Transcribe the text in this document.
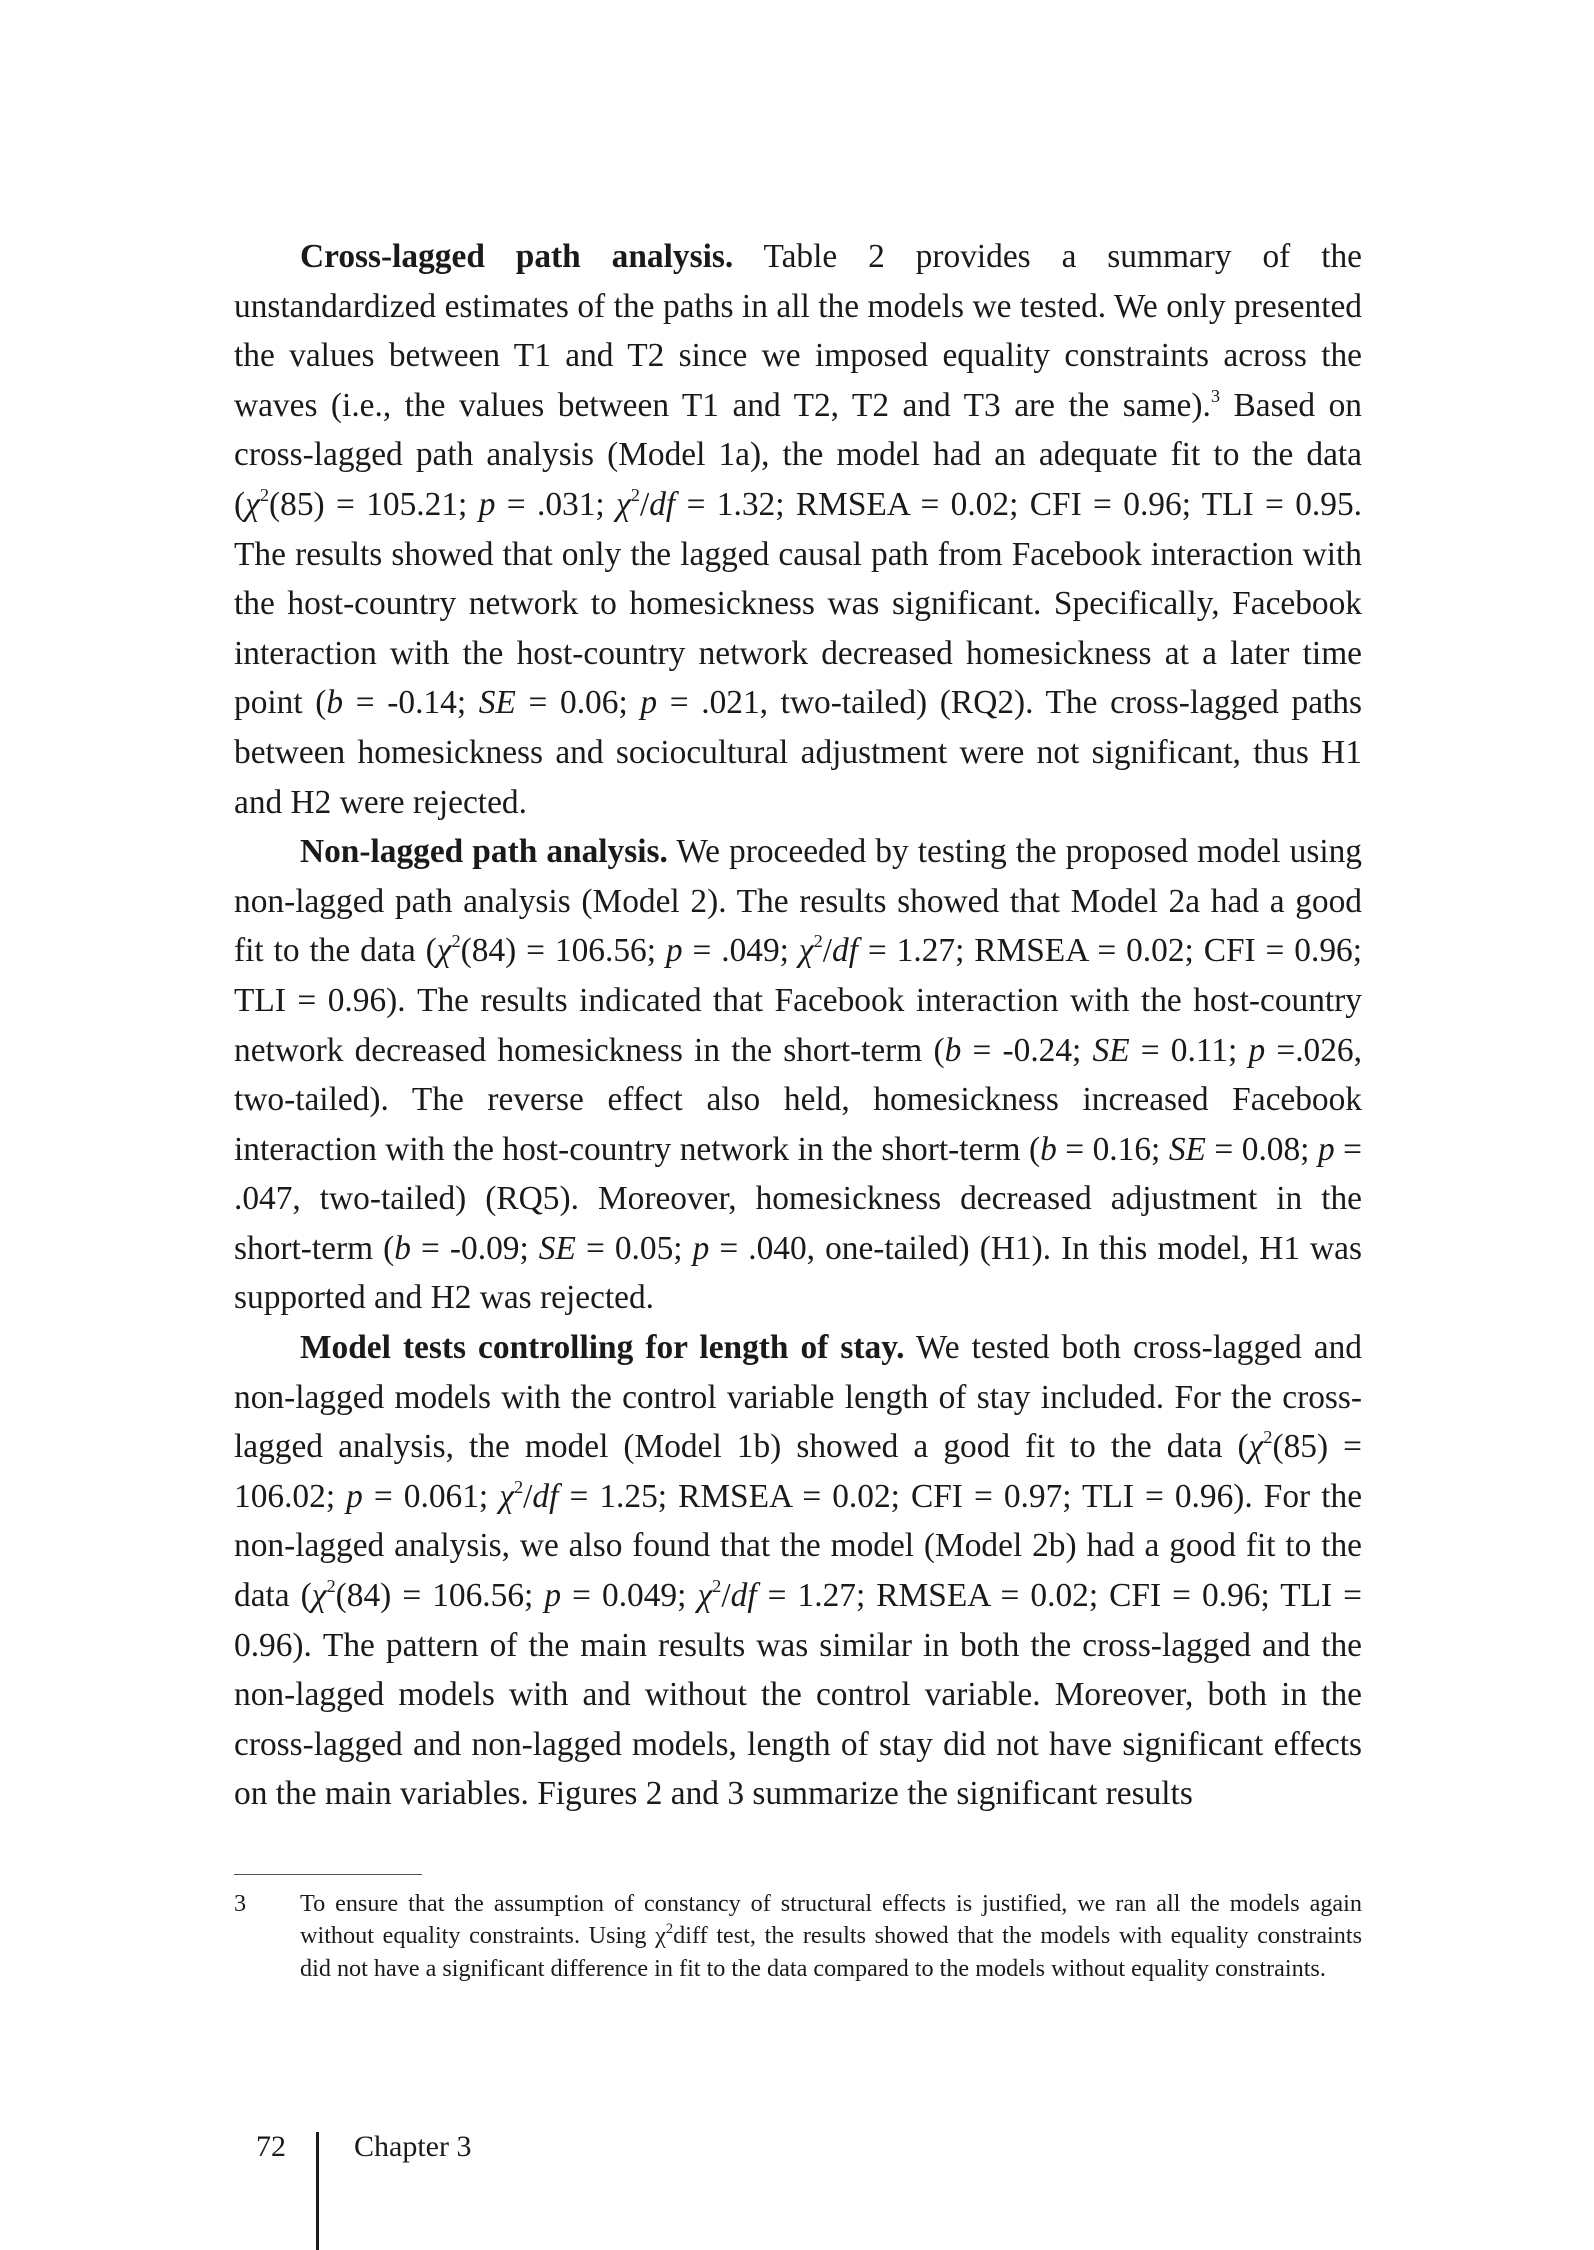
Cross-lagged path analysis. Table 2 provides a summary of the unstandardized estimates of the paths in all the models we tested. We only presented the values between T1 and T2 since we imposed equality constraints across the waves (i.e., the values between T1 and T2, T2 and T3 are the same).$^3$ Based on cross-lagged path analysis (Model 1a), the model had an adequate fit to the data ($\chi^2(85) = 105.21$; p = .031; $\chi^2/df = 1.32$; RMSEA = 0.02; CFI = 0.96; TLI = 0.95. The results showed that only the lagged causal path from Facebook interaction with the host-country network to homesickness was significant. Specifically, Facebook interaction with the host-country network decreased homesickness at a later time point (b = -0.14; SE = 0.06; p = .021, two-tailed) (RQ2). The cross-lagged paths between homesickness and sociocultural adjustment were not significant, thus H1 and H2 were rejected.

Non-lagged path analysis. We proceeded by testing the proposed model using non-lagged path analysis (Model 2). The results showed that Model 2a had a good fit to the data ($\chi^2(84) = 106.56$; p = .049; $\chi^2/df = 1.27$; RMSEA = 0.02; CFI = 0.96; TLI = 0.96). The results indicated that Facebook interaction with the host-country network decreased homesickness in the short-term (b = -0.24; SE = 0.11; p =.026, two-tailed). The reverse effect also held, homesickness increased Facebook interaction with the host-country network in the short-term (b = 0.16; SE = 0.08; p = .047, two-tailed) (RQ5). Moreover, homesickness decreased adjustment in the short-term (b = -0.09; SE = 0.05; p = .040, one-tailed) (H1). In this model, H1 was supported and H2 was rejected.

Model tests controlling for length of stay. We tested both cross-lagged and non-lagged models with the control variable length of stay included. For the cross-lagged analysis, the model (Model 1b) showed a good fit to the data ($\chi^2(85) = 106.02$; p = 0.061; $\chi^2/df = 1.25$; RMSEA = 0.02; CFI = 0.97; TLI = 0.96). For the non-lagged analysis, we also found that the model (Model 2b) had a good fit to the data ($\chi^2(84) = 106.56$; p = 0.049; $\chi^2/df = 1.27$; RMSEA = 0.02; CFI = 0.96; TLI = 0.96). The pattern of the main results was similar in both the cross-lagged and the non-lagged models with and without the control variable. Moreover, both in the cross-lagged and non-lagged models, length of stay did not have significant effects on the main variables. Figures 2 and 3 summarize the significant results

3	To ensure that the assumption of constancy of structural effects is justified, we ran all the models again without equality constraints. Using $\chi^2diff$ test, the results showed that the models with equality constraints did not have a significant difference in fit to the data compared to the models without equality constraints.
72 Chapter 3
